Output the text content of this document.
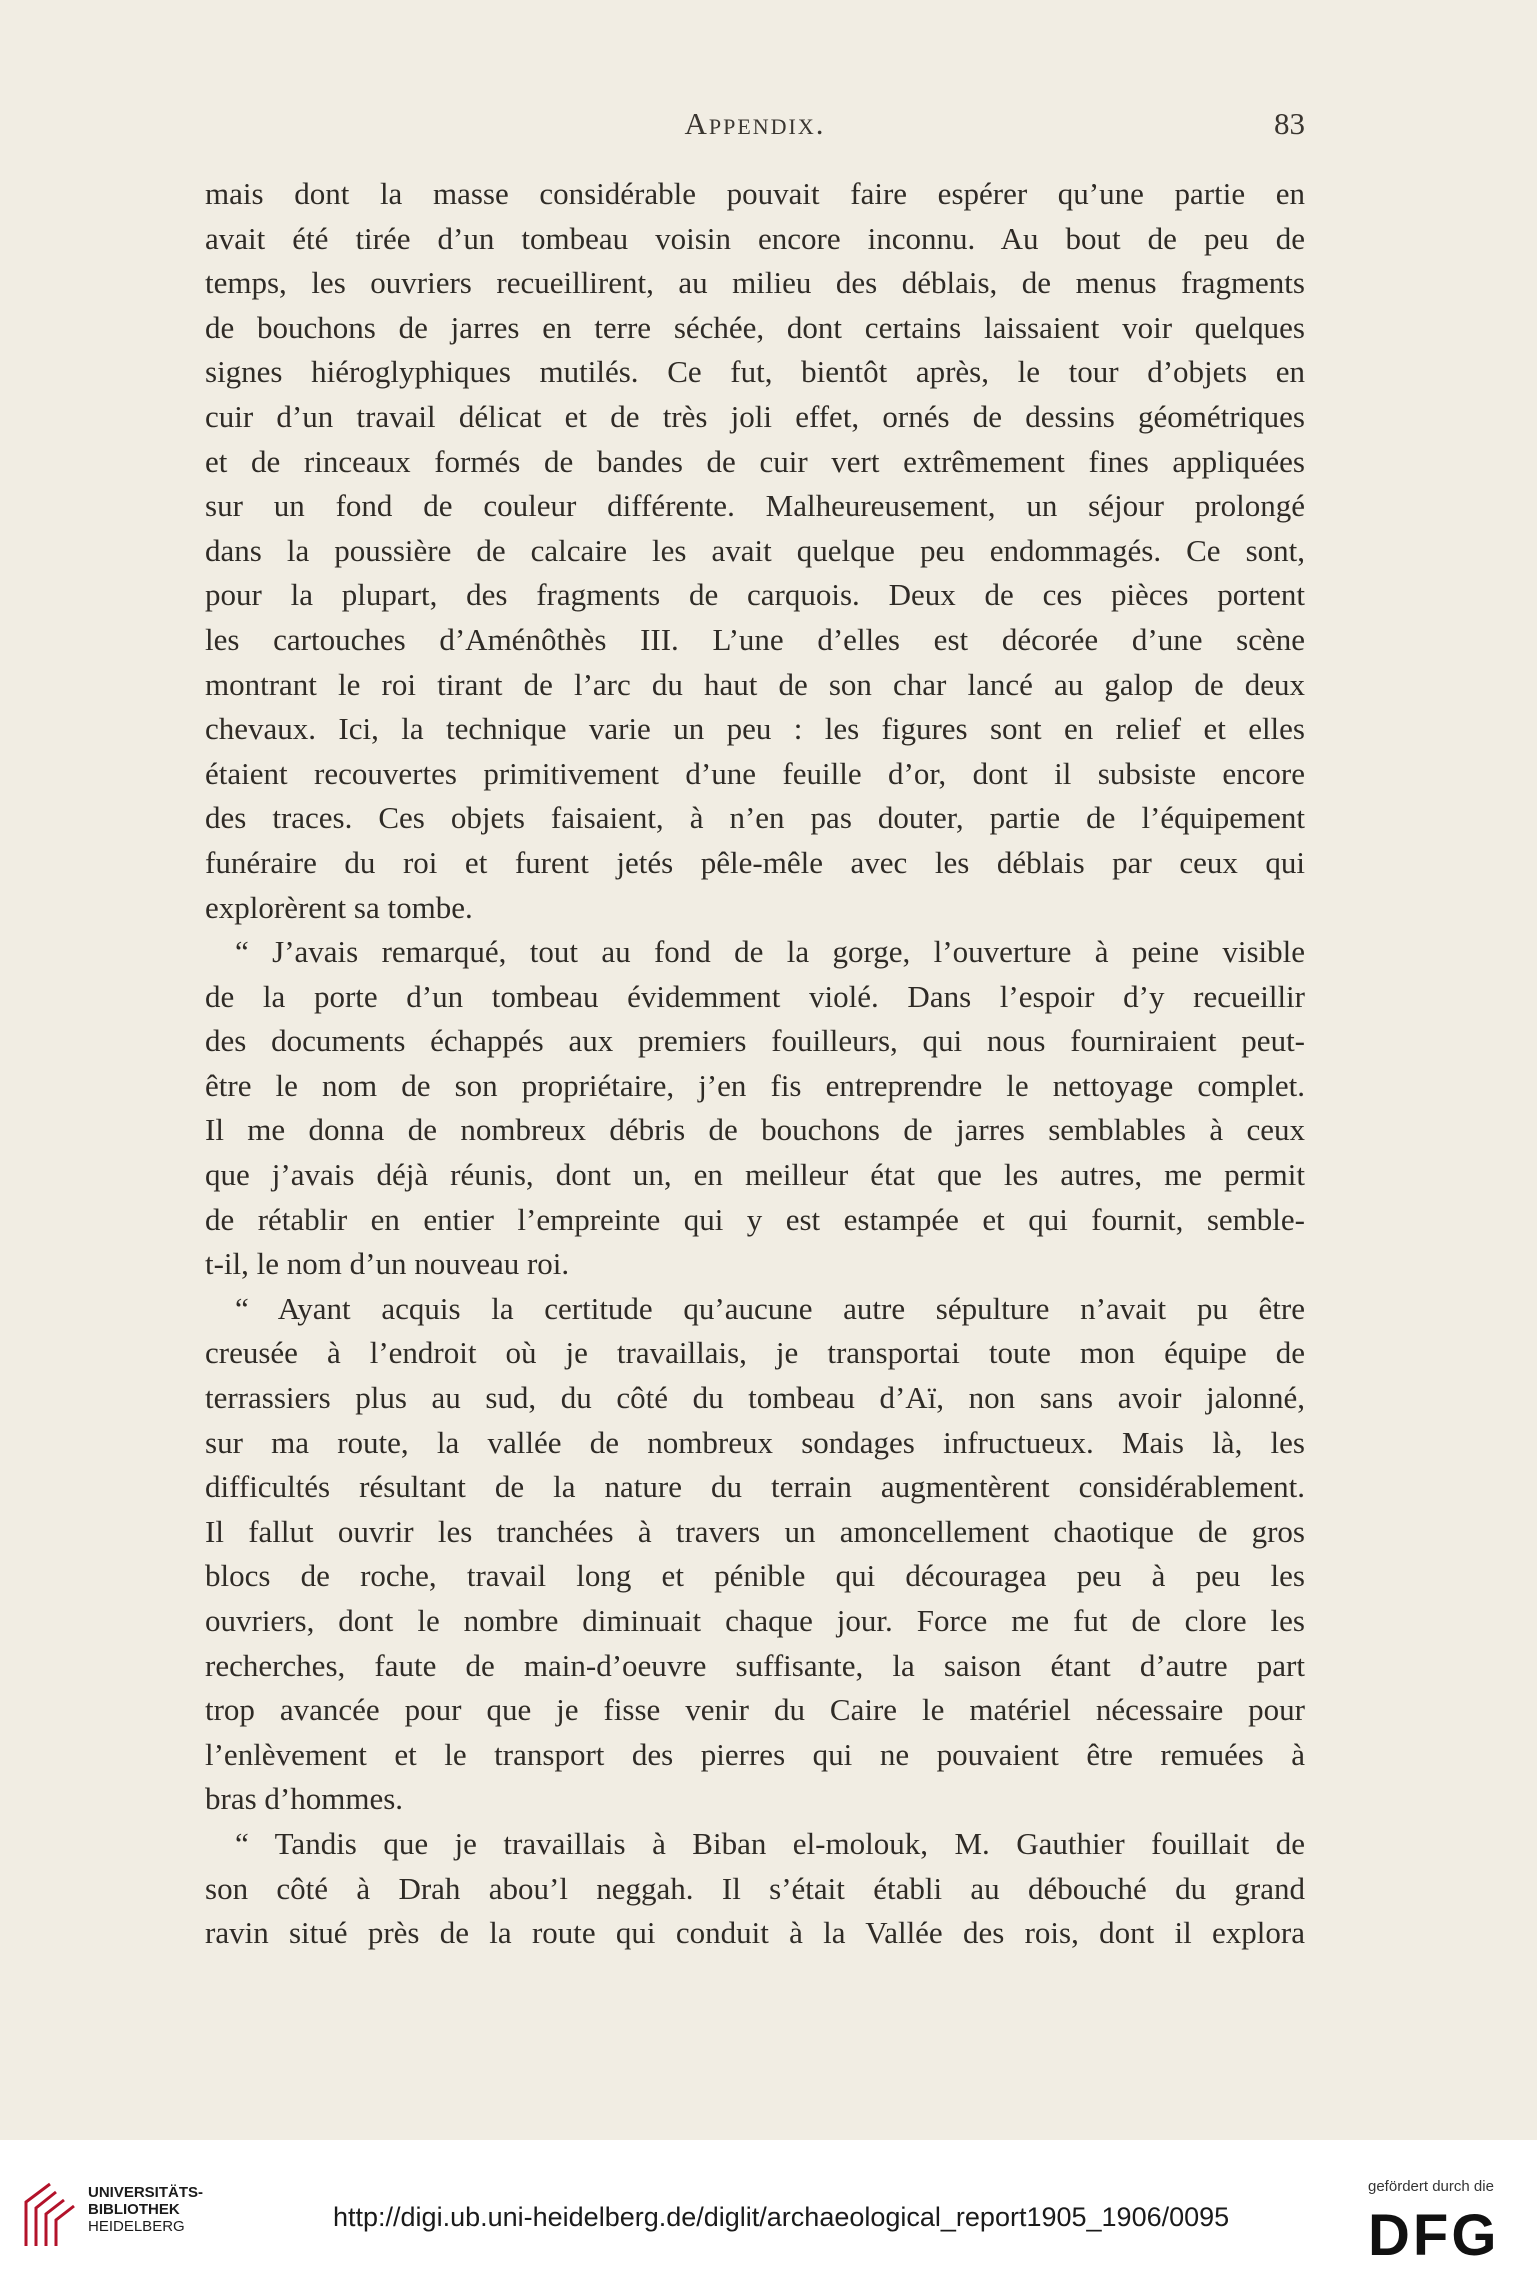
Appendix.	83
mais dont la masse considérable pouvait faire espérer qu’une partie en
avait été tirée d’un tombeau voisin encore inconnu. Au bout de peu de
temps, les ouvriers recueillirent, au milieu des déblais, de menus fragments
de bouchons de jarres en terre séchée, dont certains laissaient voir quelques
signes hiéroglyphiques mutilés. Ce fut, bientôt après, le tour d’objets en
cuir d’un travail délicat et de très joli effet, ornés de dessins géométriques
et de rinceaux formés de bandes de cuir vert extrêmement fines appliquées
sur un fond de couleur différente. Malheureusement, un séjour prolongé
dans la poussière de calcaire les avait quelque peu endommagés. Ce sont,
pour la plupart, des fragments de carquois. Deux de ces pièces portent
les cartouches d’Aménôthès III. L’une d’elles est décorée d’une scène
montrant le roi tirant de l’arc du haut de son char lancé au galop de deux
chevaux. Ici, la technique varie un peu : les figures sont en relief et elles
étaient recouvertes primitivement d’une feuille d’or, dont il subsiste encore
des traces. Ces objets faisaient, à n’en pas douter, partie de l’équipement
funéraire du roi et furent jetés pêle-mêle avec les déblais par ceux qui
explorèrent sa tombe.
“ J’avais remarqué, tout au fond de la gorge, l’ouverture à peine visible
de la porte d’un tombeau évidemment violé. Dans l’espoir d’y recueillir
des documents échappés aux premiers fouilleurs, qui nous fourniraient peut-
être le nom de son propriétaire, j’en fis entreprendre le nettoyage complet.
Il me donna de nombreux débris de bouchons de jarres semblables à ceux
que j’avais déjà réunis, dont un, en meilleur état que les autres, me permit
de rétablir en entier l’empreinte qui y est estampée et qui fournit, semble-
t-il, le nom d’un nouveau roi.
“ Ayant acquis la certitude qu’aucune autre sépulture n’avait pu être
creusée à l’endroit où je travaillais, je transportai toute mon équipe de
terrassiers plus au sud, du côté du tombeau d’Aï, non sans avoir jalonné,
sur ma route, la vallée de nombreux sondages infructueux. Mais là, les
difficultés résultant de la nature du terrain augmentèrent considérablement.
Il fallut ouvrir les tranchées à travers un amoncellement chaotique de gros
blocs de roche, travail long et pénible qui découragea peu à peu les
ouvriers, dont le nombre diminuait chaque jour. Force me fut de clore les
recherches, faute de main-d’oeuvre suffisante, la saison étant d’autre part
trop avancée pour que je fisse venir du Caire le matériel nécessaire pour
l’enlèvement et le transport des pierres qui ne pouvaient être remuées à
bras d’hommes.
“ Tandis que je travaillais à Biban el-molouk, M. Gauthier fouillait de
son côté à Drah abou’l neggah. Il s’était établi au débouché du grand
ravin situé près de la route qui conduit à la Vallée des rois, dont il explora
UNIVERSITÄTS-
BIBLIOTHEK
HEIDELBERG	http://digi.ub.uni-heidelberg.de/diglit/archaeological_report1905_1906/0095
gefördert durch die
DFG
